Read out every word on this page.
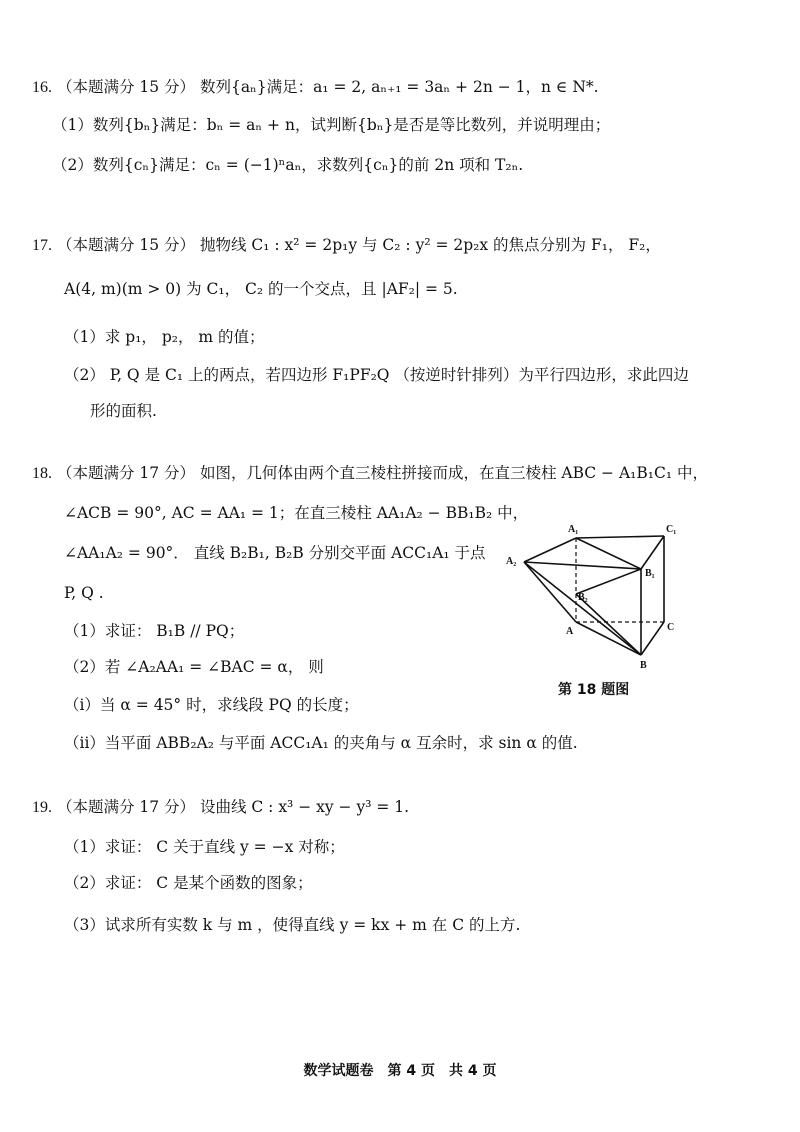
16. （本题满分 15 分） 数列{aₙ}满足：a₁ = 2, aₙ₊₁ = 3aₙ + 2n − 1，n ∈ N*.
（1）数列{bₙ}满足：bₙ = aₙ + n，试判断{bₙ}是否是等比数列，并说明理由；
（2）数列{cₙ}满足：cₙ = (−1)ⁿaₙ，求数列{cₙ}的前 2n 项和 T₂ₙ.
17. （本题满分 15 分） 抛物线 C₁ : x² = 2p₁y 与 C₂ : y² = 2p₂x 的焦点分别为 F₁， F₂，
A(4, m)(m > 0) 为 C₁， C₂ 的一个交点，且 |AF₂| = 5.
（1）求 p₁， p₂， m 的值；
（2） P, Q 是 C₁ 上的两点，若四边形 F₁PF₂Q （按逆时针排列）为平行四边形，求此四边
形的面积.
18. （本题满分 17 分） 如图，几何体由两个直三棱柱拼接而成，在直三棱柱 ABC − A₁B₁C₁ 中，
∠ACB = 90°, AC = AA₁ = 1；在直三棱柱 AA₁A₂ − BB₁B₂ 中，
∠AA₁A₂ = 90°． 直线 B₂B₁, B₂B 分别交平面 ACC₁A₁ 于点
P, Q .
（1）求证： B₁B // PQ；
（2）若 ∠A₂AA₁ = ∠BAC = α， 则
（i）当 α = 45° 时，求线段 PQ 的长度；
（ii）当平面 ABB₂A₂ 与平面 ACC₁A₁ 的夹角与 α 互余时，求 sin α 的值.
A₁	C₁
A₂
B₁
B₂
A	C
B
第 18 题图
19. （本题满分 17 分） 设曲线 C : x³ − xy − y³ = 1.
（1）求证： C 关于直线 y = −x 对称；
（2）求证： C 是某个函数的图象；
（3）试求所有实数 k 与 m ，使得直线 y = kx + m 在 C 的上方.
数学试题卷　第 4 页　共 4 页
